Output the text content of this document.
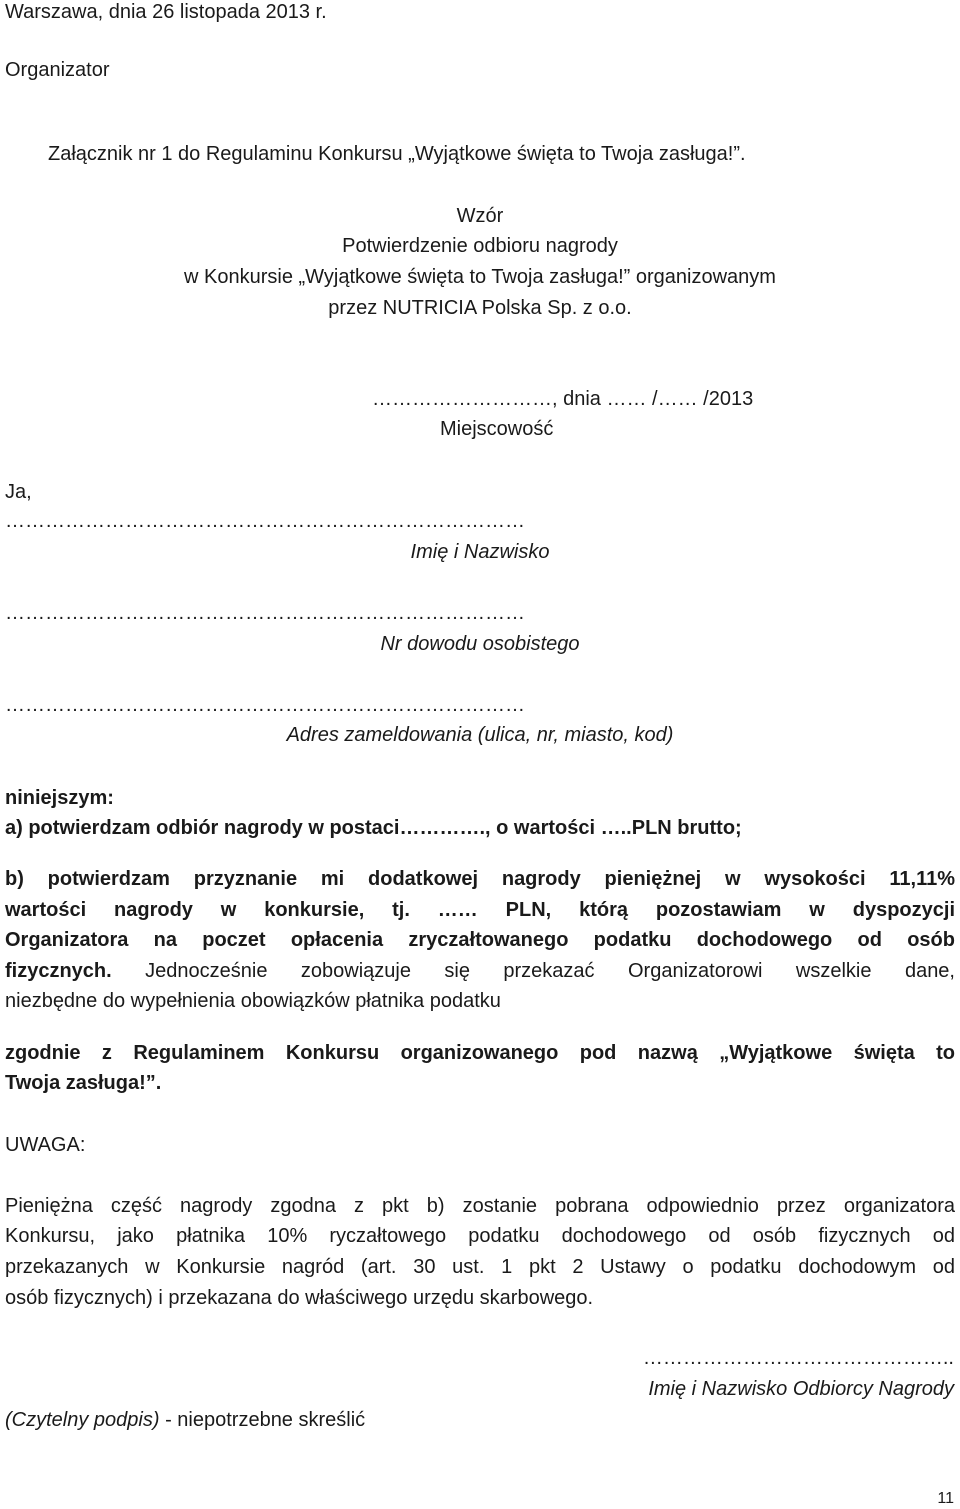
Warszawa, dnia 26 listopada 2013 r.
Organizator
Załącznik nr 1 do Regulaminu Konkursu „Wyjątkowe święta to Twoja zasługa!”.
Wzór
Potwierdzenie odbioru nagrody
w Konkursie „Wyjątkowe święta to Twoja zasługa!” organizowanym
przez NUTRICIA Polska Sp. z o.o.
………………………, dnia …… /…… /2013
Miejscowość
Ja,
……………………………………………………………………
Imię i Nazwisko
……………………………………………………………………
Nr dowodu osobistego
……………………………………………………………………
Adres zameldowania (ulica, nr, miasto, kod)
niniejszym:
a) potwierdzam odbiór nagrody w postaci…………., o wartości …..PLN brutto;
b) potwierdzam przyznanie mi dodatkowej nagrody pieniężnej w wysokości 11,11%
wartości nagrody w konkursie, tj. …… PLN, którą pozostawiam w dyspozycji
Organizatora na poczet opłacenia zryczałtowanego podatku dochodowego od osób
fizycznych. Jednocześnie zobowiązuje się przekazać Organizatorowi wszelkie dane,
niezbędne do wypełnienia obowiązków płatnika podatku
zgodnie z Regulaminem Konkursu organizowanego pod nazwą „Wyjątkowe święta to
Twoja zasługa!”.
UWAGA:
Pieniężna część nagrody zgodna z pkt b) zostanie pobrana odpowiednio przez organizatora
Konkursu, jako płatnika 10% ryczałtowego podatku dochodowego od osób fizycznych od
przekazanych w Konkursie nagród (art. 30 ust. 1 pkt 2 Ustawy o podatku dochodowym od
osób fizycznych) i przekazana do właściwego urzędu skarbowego.
………………………………………..
Imię i Nazwisko Odbiorcy Nagrody
(Czytelny podpis) - niepotrzebne skreślić
11
